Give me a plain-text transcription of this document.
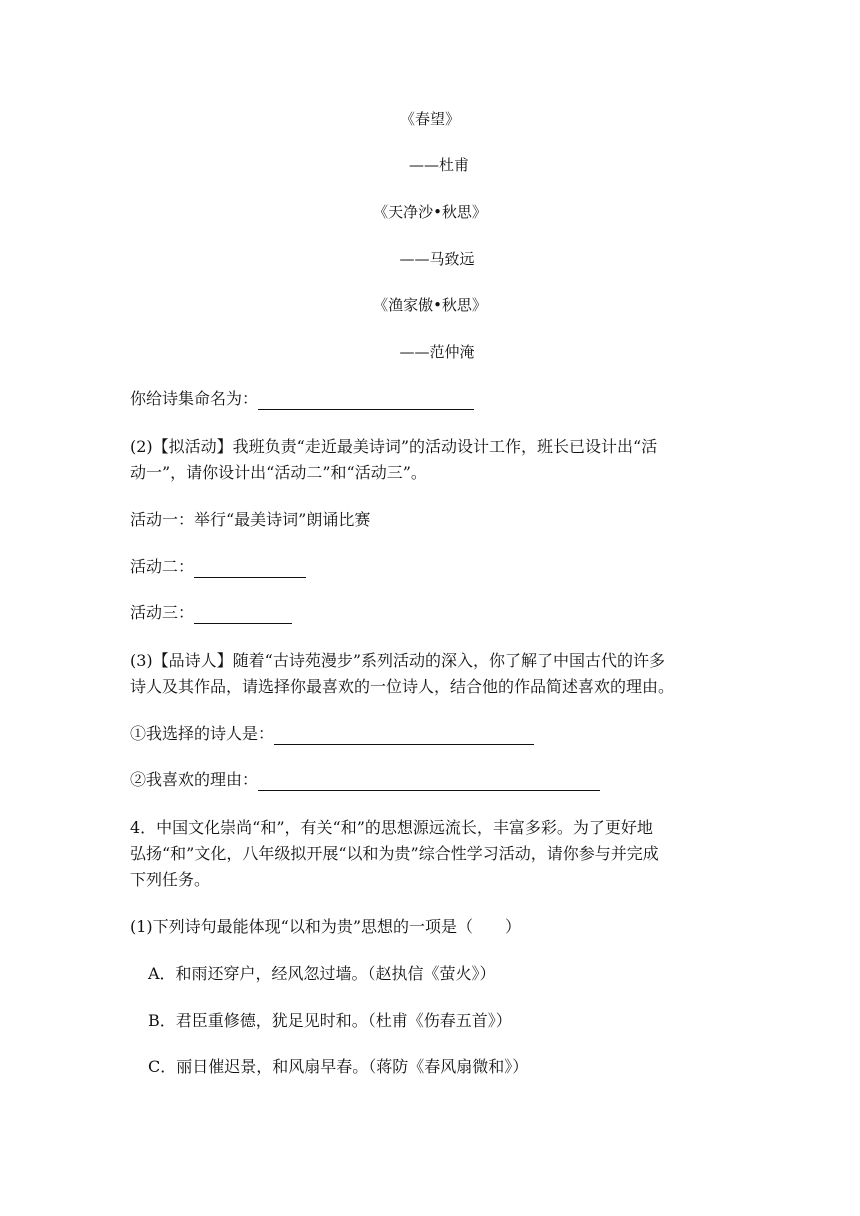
《春望》
——杜甫
《天净沙•秋思》
——马致远
《渔家傲•秋思》
——范仲淹
你给诗集命名为：
(2)【拟活动】我班负责“走近最美诗词”的活动设计工作，班长已设计出“活
动一”，请你设计出“活动二”和“活动三”。
活动一：举行“最美诗词”朗诵比赛
活动二：
活动三：
(3)【品诗人】随着“古诗苑漫步”系列活动的深入，你了解了中国古代的许多
诗人及其作品，请选择你最喜欢的一位诗人，结合他的作品简述喜欢的理由。
①我选择的诗人是：
②我喜欢的理由：
4．中国文化崇尚“和”，有关“和”的思想源远流长，丰富多彩。为了更好地
弘扬“和”文化，八年级拟开展“以和为贵”综合性学习活动，请你参与并完成
下列任务。
(1)下列诗句最能体现“以和为贵”思想的一项是（　　）
A．和雨还穿户，经风忽过墙。（赵执信《萤火》）
B．君臣重修德，犹足见时和。（杜甫《伤春五首》）
C．丽日催迟景，和风扇早春。（蒋防《春风扇微和》）
